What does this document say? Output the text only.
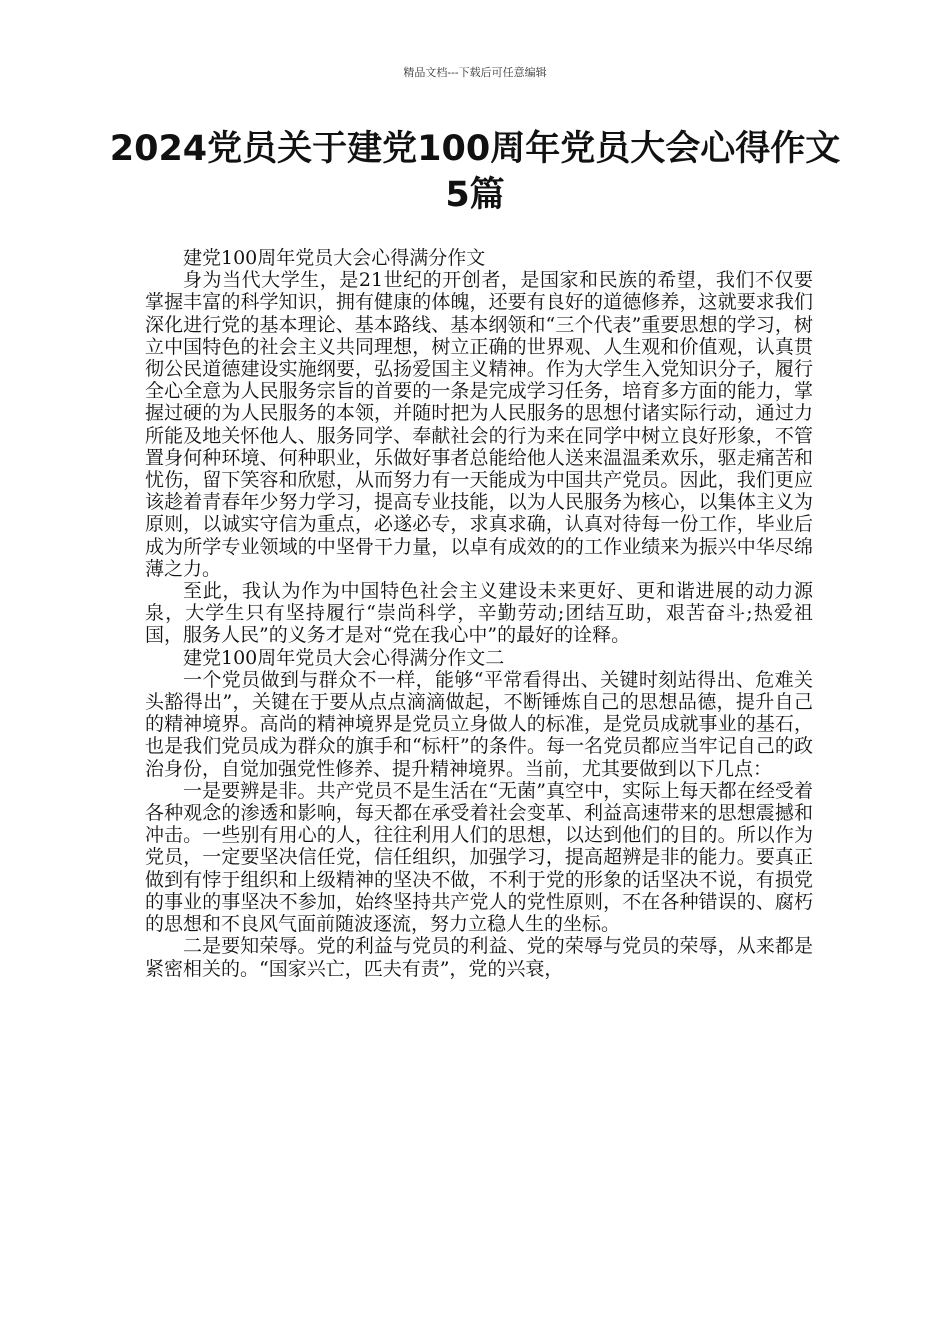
精品文档---下载后可任意编辑
2024党员关于建党100周年党员大会心得作文5篇

建党100周年党员大会心得满分作文

身为当代大学生，是21世纪的开创者，是国家和民族的希望，我们不仅要掌握丰富的科学知识，拥有健康的体魄，还要有良好的道德修养，这就要求我们深化进行党的基本理论、基本路线、基本纲领和“三个代表”重要思想的学习，树立中国特色的社会主义共同理想，树立正确的世界观、人生观和价值观，认真贯彻公民道德建设实施纲要，弘扬爱国主义精神。作为大学生入党知识分子，履行全心全意为人民服务宗旨的首要的一条是完成学习任务，培育多方面的能力，掌握过硬的为人民服务的本领，并随时把为人民服务的思想付诸实际行动，通过力所能及地关怀他人、服务同学、奉献社会的行为来在同学中树立良好形象，不管置身何种环境、何种职业，乐做好事者总能给他人送来温温柔欢乐，驱走痛苦和忧伤，留下笑容和欣慰，从而努力有一天能成为中国共产党员。因此，我们更应该趁着青春年少努力学习，提高专业技能，以为人民服务为核心，以集体主义为原则，以诚实守信为重点，必遂必专，求真求确，认真对待每一份工作，毕业后成为所学专业领域的中坚骨干力量，以卓有成效的的工作业绩来为振兴中华尽绵薄之力。

至此，我认为作为中国特色社会主义建设未来更好、更和谐进展的动力源泉，大学生只有坚持履行“崇尚科学，辛勤劳动;团结互助，艰苦奋斗;热爱祖国，服务人民”的义务才是对“党在我心中”的最好的诠释。

建党100周年党员大会心得满分作文二

一个党员做到与群众不一样，能够“平常看得出、关键时刻站得出、危难关头豁得出”，关键在于要从点点滴滴做起，不断锤炼自己的思想品德，提升自己的精神境界。高尚的精神境界是党员立身做人的标准，是党员成就事业的基石，也是我们党员成为群众的旗手和“标杆”的条件。每一名党员都应当牢记自己的政治身份，自觉加强党性修养、提升精神境界。当前，尤其要做到以下几点：

一是要辨是非。共产党员不是生活在“无菌”真空中，实际上每天都在经受着各种观念的渗透和影响，每天都在承受着社会变革、利益高速带来的思想震撼和冲击。一些别有用心的人，往往利用人们的思想，以达到他们的目的。所以作为党员，一定要坚决信任党，信任组织，加强学习，提高超辨是非的能力。要真正做到有悖于组织和上级精神的坚决不做，不利于党的形象的话坚决不说，有损党的事业的事坚决不参加，始终坚持共产党人的党性原则，不在各种错误的、腐朽的思想和不良风气面前随波逐流，努力立稳人生的坐标。

二是要知荣辱。党的利益与党员的利益、党的荣辱与党员的荣辱，从来都是紧密相关的。“国家兴亡，匹夫有责”，党的兴衰，
